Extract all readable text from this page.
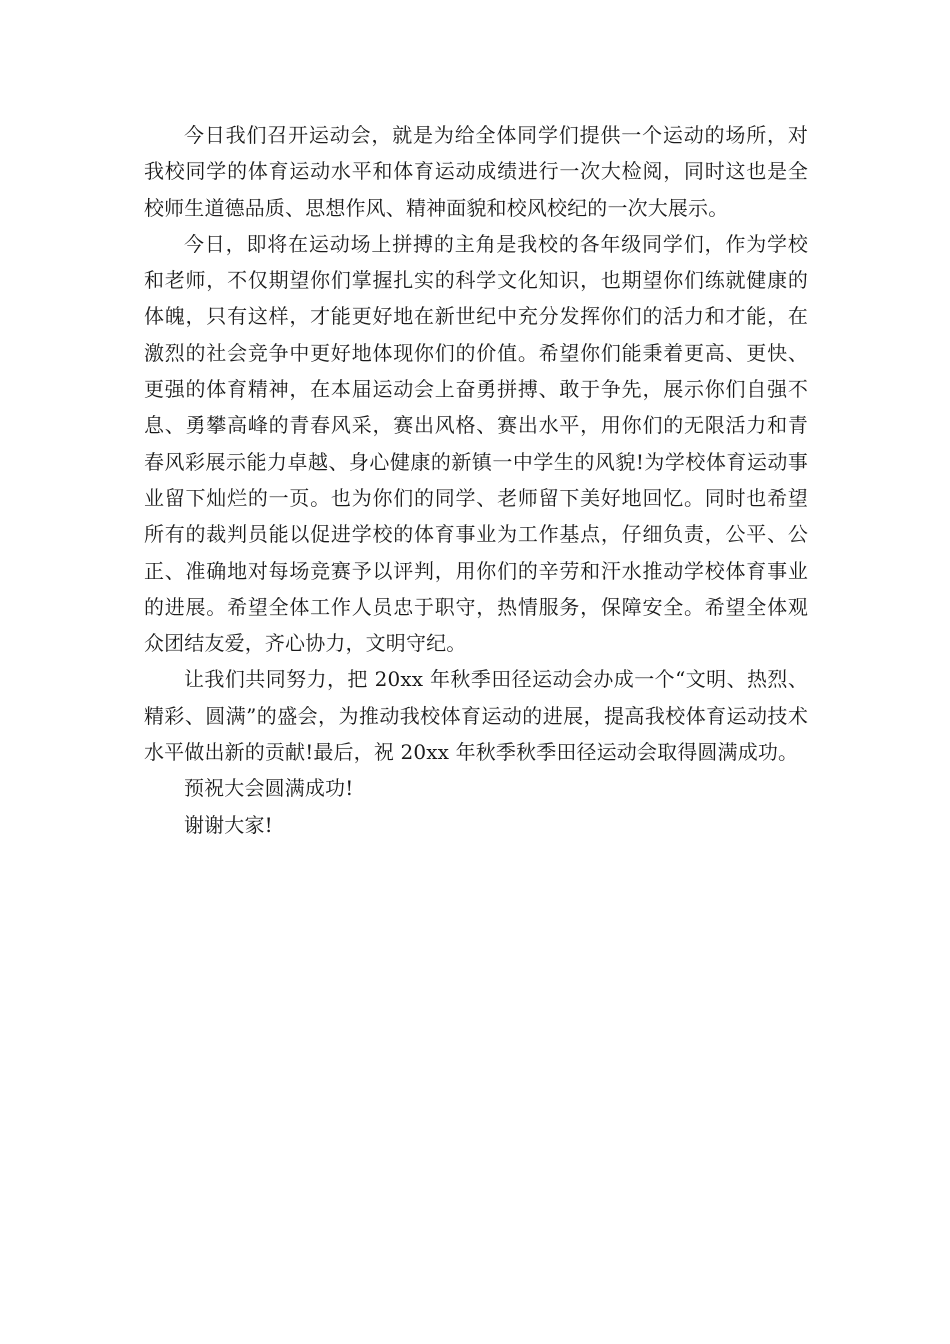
今日我们召开运动会，就是为给全体同学们提供一个运动的场所，对我校同学的体育运动水平和体育运动成绩进行一次大检阅，同时这也是全校师生道德品质、思想作风、精神面貌和校风校纪的一次大展示。

今日，即将在运动场上拼搏的主角是我校的各年级同学们，作为学校和老师，不仅期望你们掌握扎实的科学文化知识，也期望你们练就健康的体魄，只有这样，才能更好地在新世纪中充分发挥你们的活力和才能，在激烈的社会竞争中更好地体现你们的价值。希望你们能秉着更高、更快、更强的体育精神，在本届运动会上奋勇拼搏、敢于争先，展示你们自强不息、勇攀高峰的青春风采，赛出风格、赛出水平，用你们的无限活力和青春风彩展示能力卓越、身心健康的新镇一中学生的风貌!为学校体育运动事业留下灿烂的一页。也为你们的同学、老师留下美好地回忆。同时也希望所有的裁判员能以促进学校的体育事业为工作基点，仔细负责，公平、公正、准确地对每场竞赛予以评判，用你们的辛劳和汗水推动学校体育事业的进展。希望全体工作人员忠于职守，热情服务，保障安全。希望全体观众团结友爱，齐心协力，文明守纪。

让我们共同努力，把 20xx 年秋季田径运动会办成一个“文明、热烈、精彩、圆满”的盛会，为推动我校体育运动的进展，提高我校体育运动技术水平做出新的贡献!最后，祝 20xx 年秋季秋季田径运动会取得圆满成功。

预祝大会圆满成功!

谢谢大家!
